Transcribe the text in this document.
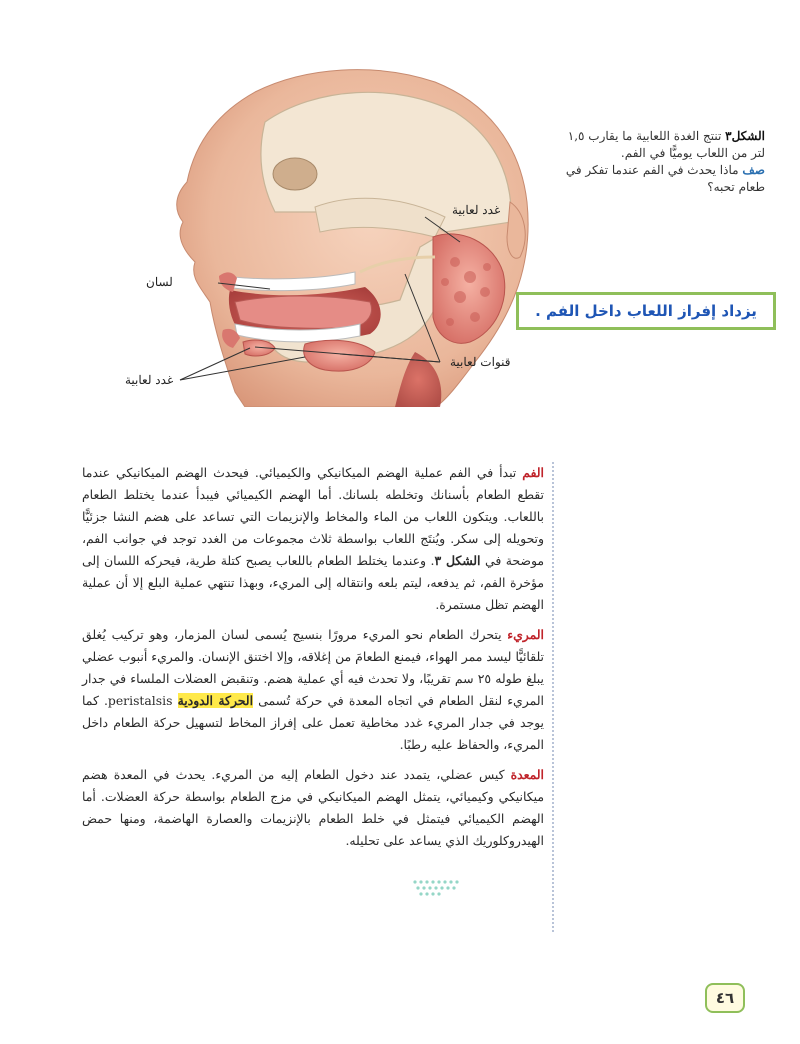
لسان
غدد لعابية
قنوات لعابية
غدد لعابية
الشكل٣ تنتج الغدة اللعابية ما يقارب ١,٥ لتر من اللعاب يوميًّا في الفم.
صف ماذا يحدث في الفم عندما تفكر في طعام تحبه؟
يزداد إفراز اللعاب داخل الفم .

الفم تبدأ في الفم عملية الهضم الميكانيكي والكيميائي. فيحدث الهضم الميكانيكي عندما تقطع الطعام بأسنانك وتخلطه بلسانك. أما الهضم الكيميائي فيبدأ عندما يختلط الطعام باللعاب. ويتكون اللعاب من الماء والمخاط والإنزيمات التي تساعد على هضم النشا جزئيًّا وتحويله إلى سكر. ويُنتَج اللعاب بواسطة ثلاث مجموعات من الغدد توجد في جوانب الفم، موضحة في الشكل ٣. وعندما يختلط الطعام باللعاب يصبح كتلة طرية، فيحركه اللسان إلى مؤخرة الفم، ثم يدفعه، ليتم بلعه وانتقاله إلى المريء، وبهذا تنتهي عملية البلع إلا أن عملية الهضم تظل مستمرة.

المريء يتحرك الطعام نحو المريء مرورًا بنسيج يُسمى لسان المزمار، وهو تركيب يُغلق تلقائيًّا ليسد ممر الهواء، فيمنع الطعامَ من إغلاقه، وإلا اختنق الإنسان. والمريء أنبوب عضلي يبلغ طوله ٢٥ سم تقريبًا، ولا تحدث فيه أي عملية هضم. وتنقبض العضلات الملساء في جدار المريء لنقل الطعام في اتجاه المعدة في حركة تُسمى الحركة الدودية peristalsis. كما يوجد في جدار المريء غدد مخاطية تعمل على إفراز المخاط لتسهيل حركة الطعام داخل المريء، والحفاظ عليه رطبًا.

المعدة كيس عضلي، يتمدد عند دخول الطعام إليه من المريء. يحدث في المعدة هضم ميكانيكي وكيميائي، يتمثل الهضم الميكانيكي في مزج الطعام بواسطة حركة العضلات. أما الهضم الكيميائي فيتمثل في خلط الطعام بالإنزيمات والعصارة الهاضمة، ومنها حمض الهيدروكلوريك الذي يساعد على تحليله.

٤٦
